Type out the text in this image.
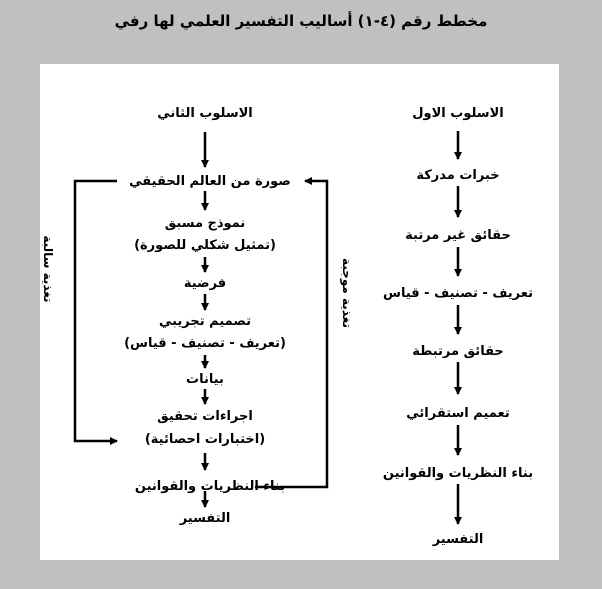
مخطط رقم (٤-١) أساليب التفسير العلمي لها رفي
الاسلوب الاول
خبرات مدركة
حقائق غير مرتبة
تعريف - تصنيف - قياس
حقائق مرتبطة
تعميم استقرائي
بناء النظريات والقوانين
التفسير
الاسلوب الثاني
صورة من العالم الحقيقي
نموذج مسبق
(تمثيل شكلي للصورة)
فرضية
تصميم تجريبي
(تعريف - تصنيف - قياس)
بيانات
اجراءات تحقيق
(اختبارات احصائية)
بناء النظريات والقوانين
التفسير
تغذية سالبة	تغذية موجبة
